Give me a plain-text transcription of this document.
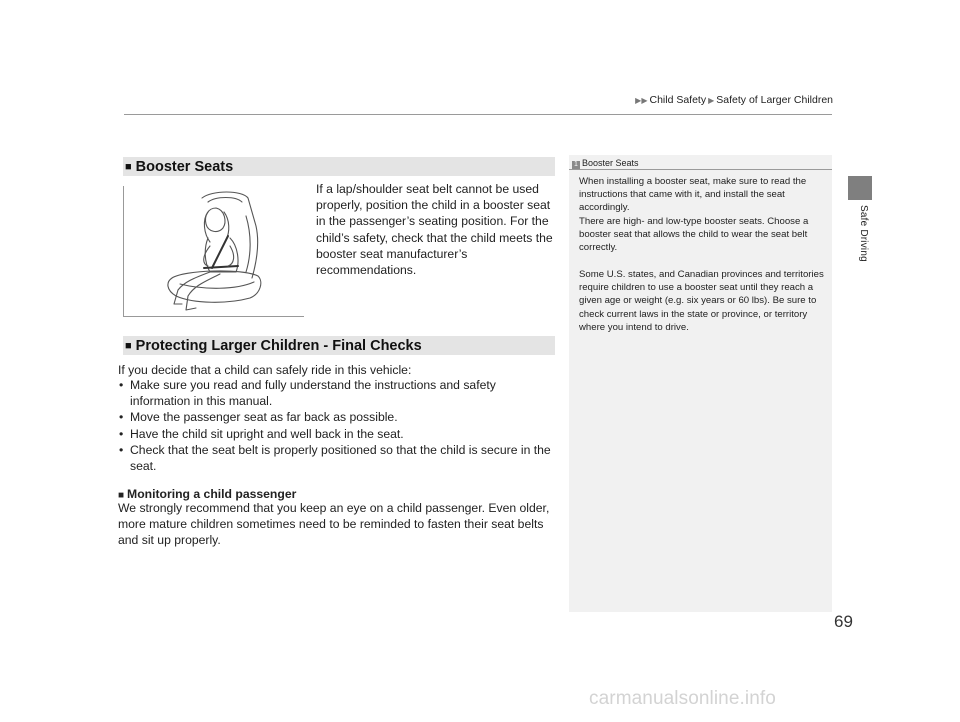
▶▶ Child Safety ▶ Safety of Larger Children
Safe Driving
■ Booster Seats
If a lap/shoulder seat belt cannot be used properly, position the child in a booster seat in the passenger’s seating position. For the child’s safety, check that the child meets the booster seat manufacturer’s recommendations.
■ Protecting Larger Children - Final Checks
If you decide that a child can safely ride in this vehicle:
• Make sure you read and fully understand the instructions and safety information in this manual.
• Move the passenger seat as far back as possible.
• Have the child sit upright and well back in the seat.
• Check that the seat belt is properly positioned so that the child is secure in the seat.
■ Monitoring a child passenger
We strongly recommend that you keep an eye on a child passenger. Even older, more mature children sometimes need to be reminded to fasten their seat belts and sit up properly.
1 Booster Seats

When installing a booster seat, make sure to read the instructions that came with it, and install the seat accordingly.
There are high- and low-type booster seats. Choose a booster seat that allows the child to wear the seat belt correctly.

Some U.S. states, and Canadian provinces and territories require children to use a booster seat until they reach a given age or weight (e.g. six years or 60 lbs). Be sure to check current laws in the state or province, or territory where you intend to drive.

69
carmanualsonline.info
